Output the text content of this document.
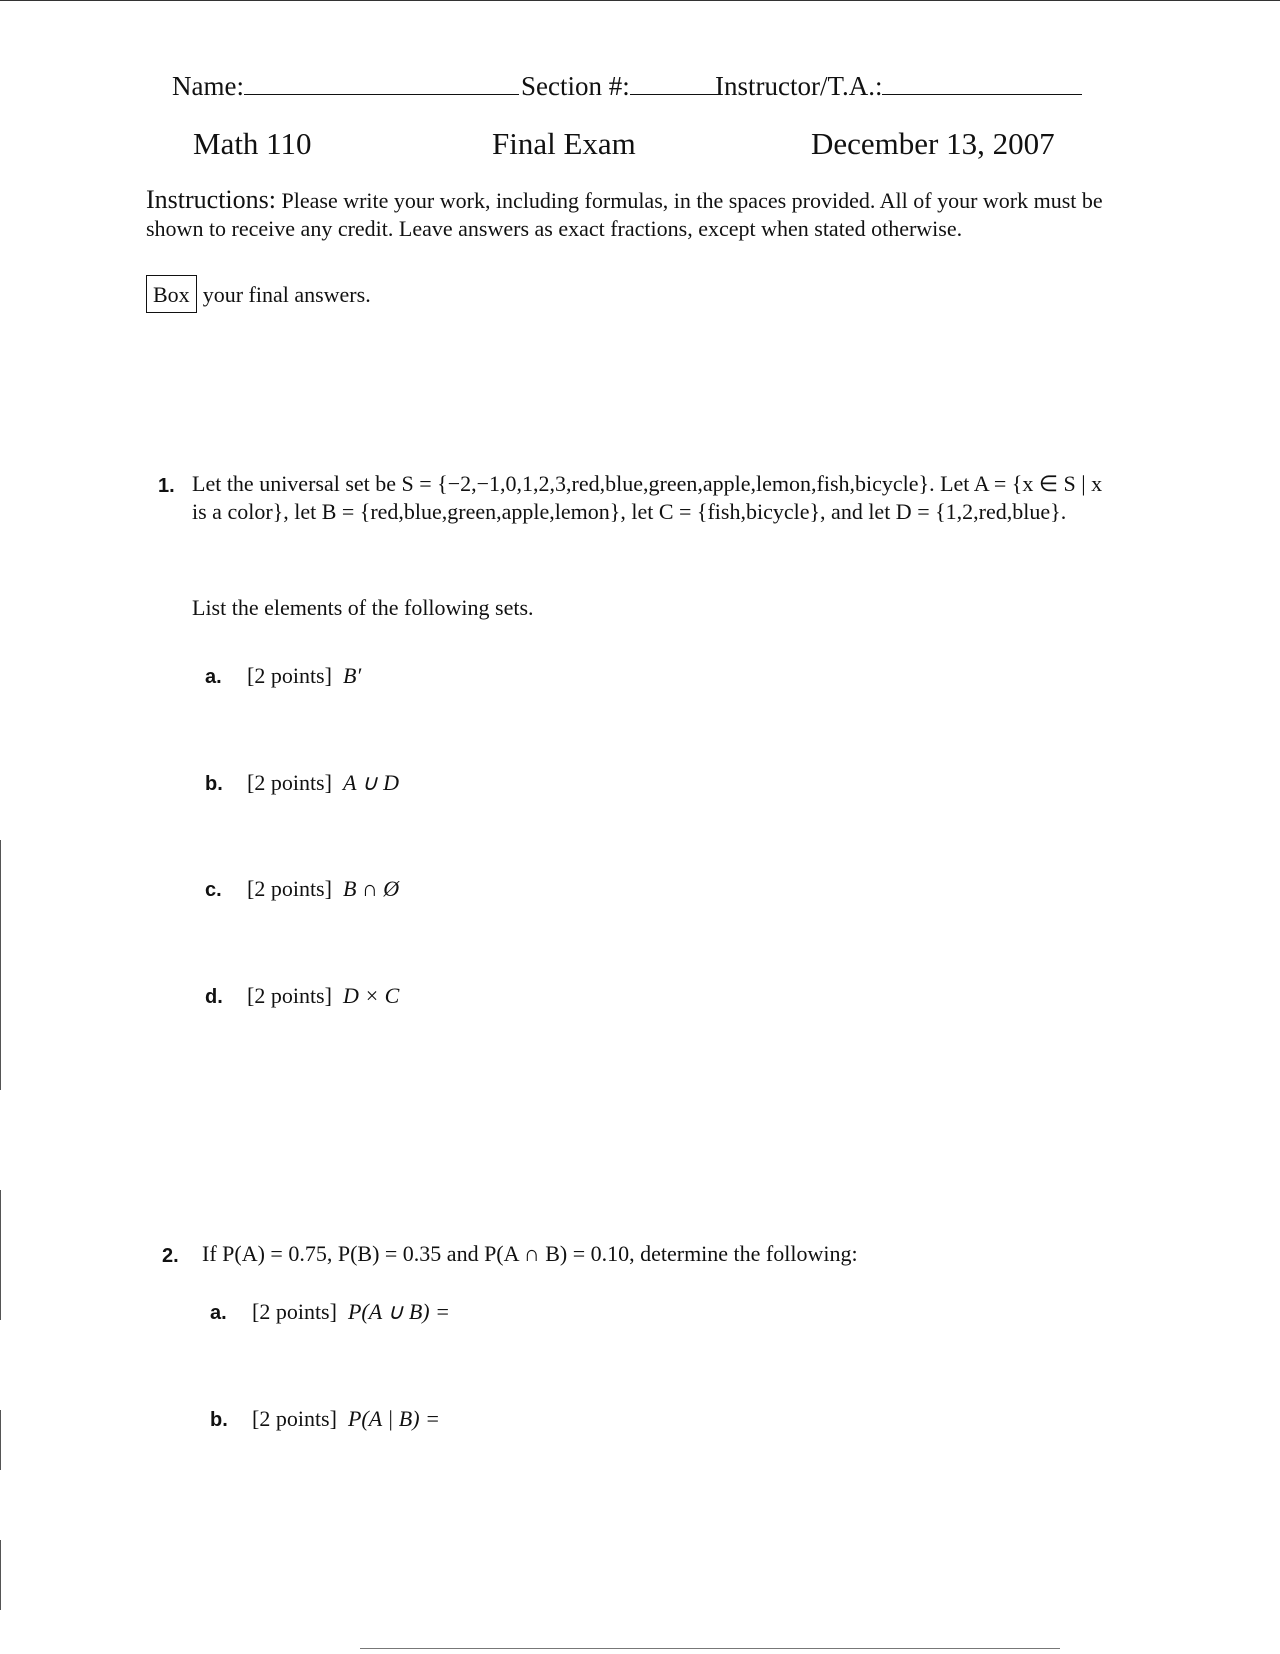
Name:	Section #:	Instructor/T.A.:
Math 110	Final Exam	December 13, 2007
Instructions: Please write your work, including formulas, in the spaces provided. All of your work must be shown to receive any credit. Leave answers as exact fractions, except when stated otherwise.
Box your final answers.
1. Let the universal set be S = {−2,−1,0,1,2,3,red,blue,green,apple,lemon,fish,bicycle}. Let A = {x ∈ S | x is a color}, let B = {red,blue,green,apple,lemon}, let C = {fish,bicycle}, and let D = {1,2,red,blue}.
List the elements of the following sets.
a. [2 points] B′
b. [2 points] A ∪ D
c. [2 points] B ∩ Ø
d. [2 points] D × C
2. If P(A) = 0.75, P(B) = 0.35 and P(A ∩ B) = 0.10, determine the following:
a. [2 points] P(A ∪ B) =
b. [2 points] P(A | B) =
